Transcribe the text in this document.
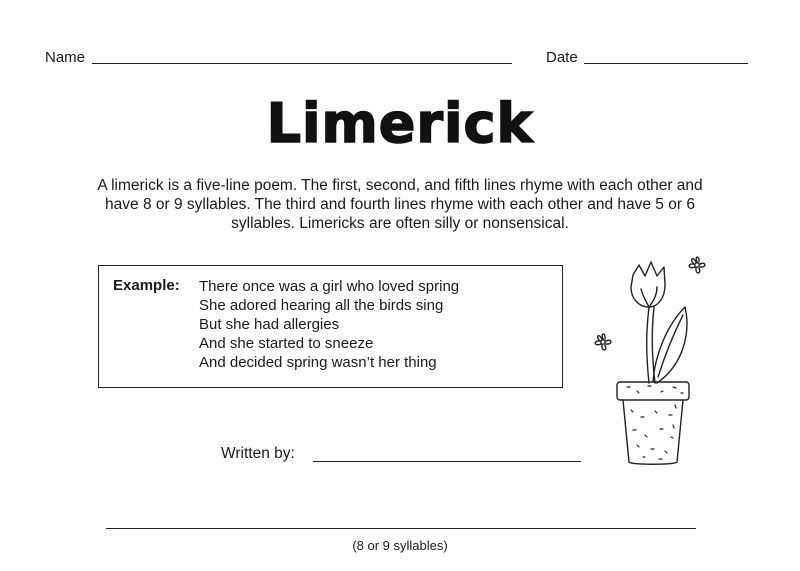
Name	Date
Limerick
A limerick is a five-line poem. The first, second, and fifth lines rhyme with each other and have 8 or 9 syllables. The third and fourth lines rhyme with each other and have 5 or 6 syllables. Limericks are often silly or nonsensical.
Example: There once was a girl who loved spring
She adored hearing all the birds sing
But she had allergies
And she started to sneeze
And decided spring wasn’t her thing
Written by:
(8 or 9 syllables)
